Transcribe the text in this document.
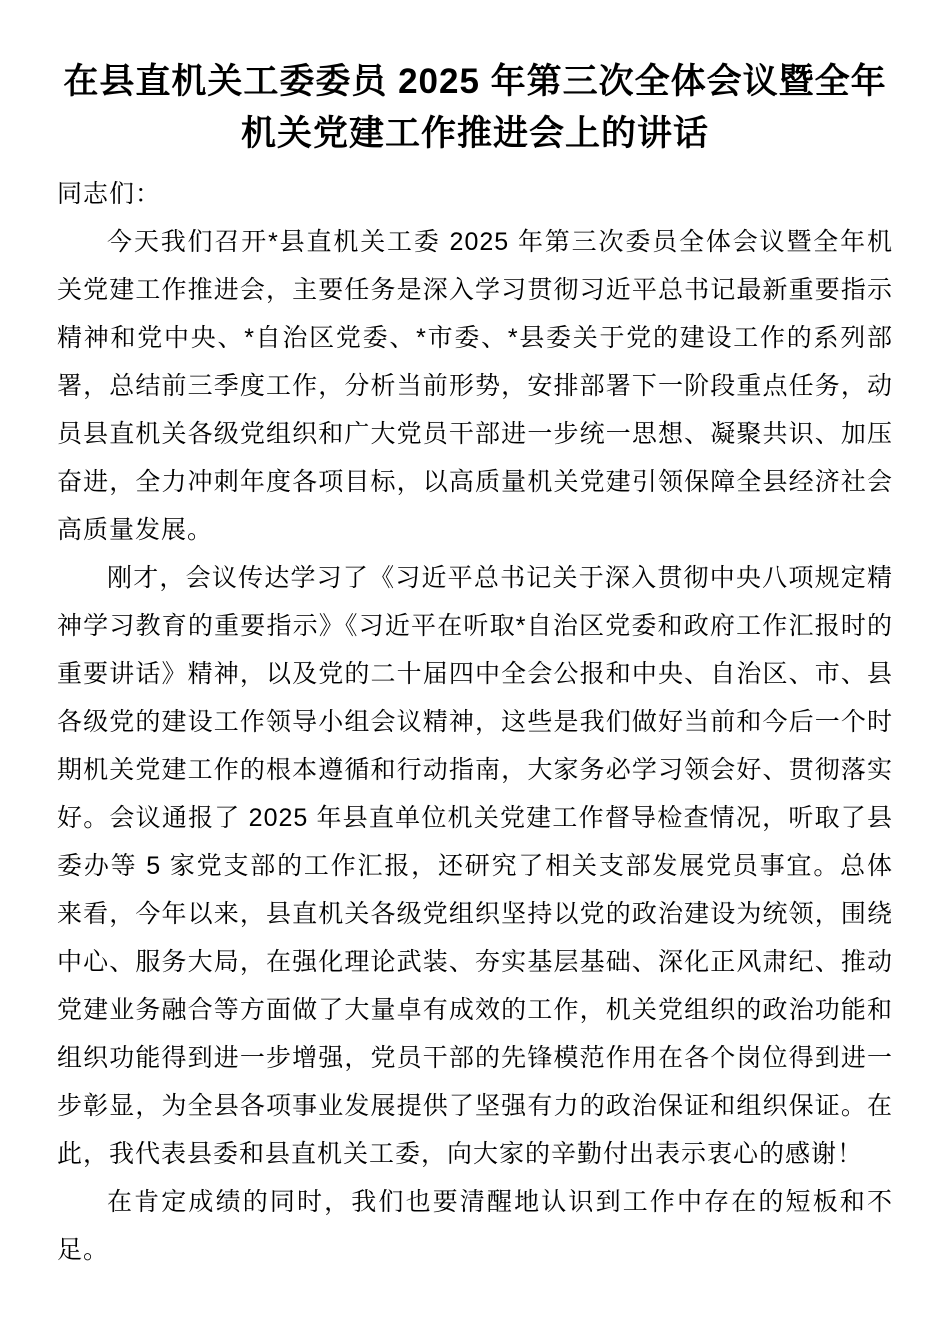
在县直机关工委委员 2025 年第三次全体会议暨全年机关党建工作推进会上的讲话

同志们：

今天我们召开*县直机关工委 2025 年第三次委员全体会议暨全年机关党建工作推进会，主要任务是深入学习贯彻习近平总书记最新重要指示精神和党中央、*自治区党委、*市委、*县委关于党的建设工作的系列部署，总结前三季度工作，分析当前形势，安排部署下一阶段重点任务，动员县直机关各级党组织和广大党员干部进一步统一思想、凝聚共识、加压奋进，全力冲刺年度各项目标，以高质量机关党建引领保障全县经济社会高质量发展。

刚才，会议传达学习了《习近平总书记关于深入贯彻中央八项规定精神学习教育的重要指示》《习近平在听取*自治区党委和政府工作汇报时的重要讲话》精神，以及党的二十届四中全会公报和中央、自治区、市、县各级党的建设工作领导小组会议精神，这些是我们做好当前和今后一个时期机关党建工作的根本遵循和行动指南，大家务必学习领会好、贯彻落实好。会议通报了 2025 年县直单位机关党建工作督导检查情况，听取了县委办等 5 家党支部的工作汇报，还研究了相关支部发展党员事宜。总体来看，今年以来，县直机关各级党组织坚持以党的政治建设为统领，围绕中心、服务大局，在强化理论武装、夯实基层基础、深化正风肃纪、推动党建业务融合等方面做了大量卓有成效的工作，机关党组织的政治功能和组织功能得到进一步增强，党员干部的先锋模范作用在各个岗位得到进一步彰显，为全县各项事业发展提供了坚强有力的政治保证和组织保证。在此，我代表县委和县直机关工委，向大家的辛勤付出表示衷心的感谢！

在肯定成绩的同时，我们也要清醒地认识到工作中存在的短板和不足。
